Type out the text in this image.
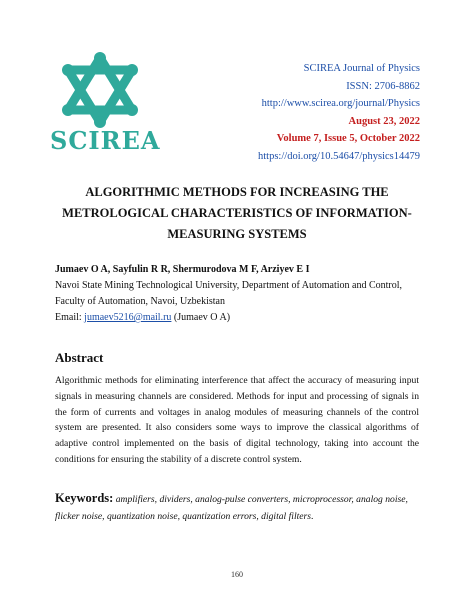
SCIREA
SCIREA Journal of Physics
ISSN: 2706-8862
http://www.scirea.org/journal/Physics
August 23, 2022
Volume 7, Issue 5, October 2022
https://doi.org/10.54647/physics14479
ALGORITHMIC METHODS FOR INCREASING THE
METROLOGICAL CHARACTERISTICS OF INFORMATION-
MEASURING SYSTEMS
Jumaev O A, Sayfulin R R, Shermurodova M F, Arziyev E I
Navoi State Mining Technological University, Department of Automation and Control, Faculty of Automation, Navoi, Uzbekistan
Email: jumaev5216@mail.ru (Jumaev O A)
Abstract
Algorithmic methods for eliminating interference that affect the accuracy of measuring input signals in measuring channels are considered. Methods for input and processing of signals in the form of currents and voltages in analog modules of measuring channels of the control system are presented. It also considers some ways to improve the classical algorithms of adaptive control implemented on the basis of digital technology, taking into account the conditions for ensuring the stability of a discrete control system.
Keywords: amplifiers, dividers, analog-pulse converters, microprocessor, analog noise, flicker noise, quantization noise, quantization errors, digital filters.
160
